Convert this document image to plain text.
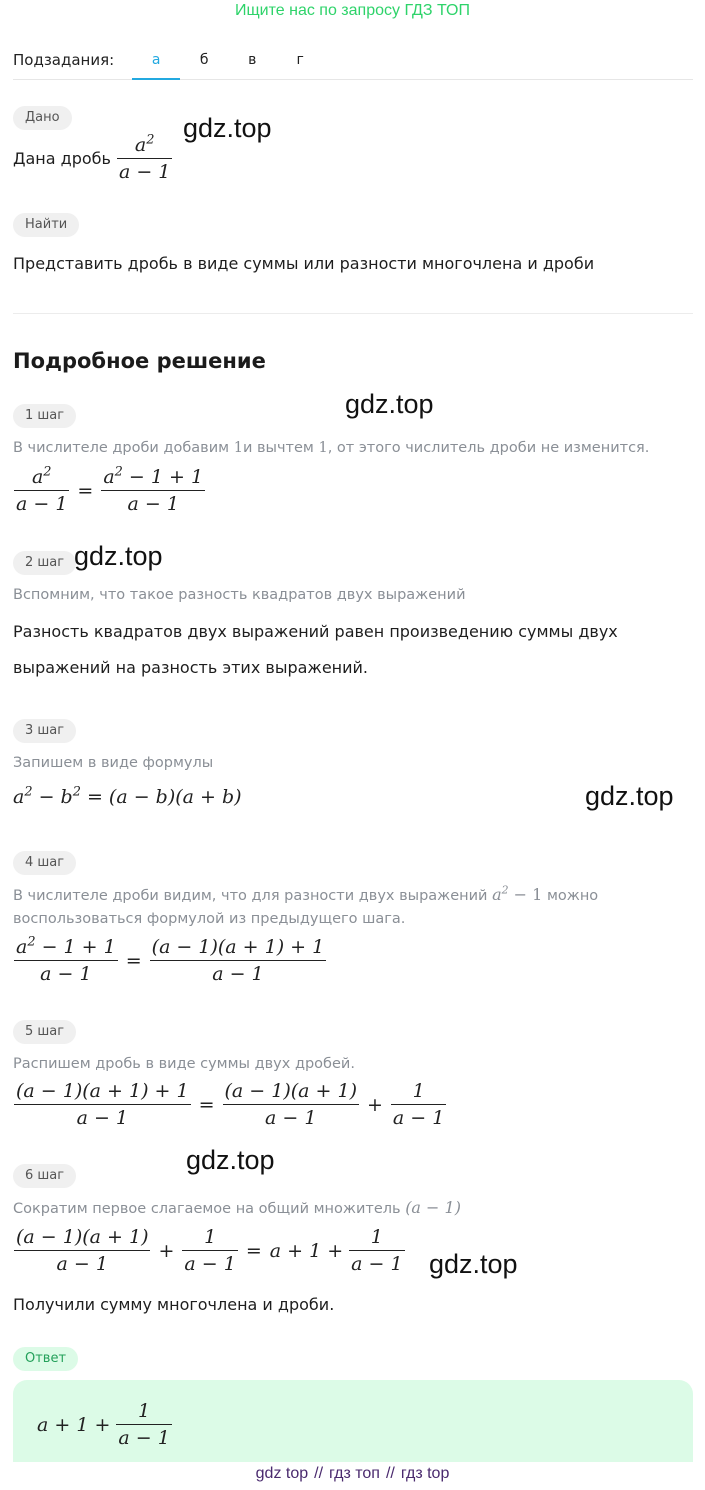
Ищите нас по запросу ГДЗ ТОП
Подзадания:	а	б	в	г
Дано
Дана дробь $\frac{a^2}{a - 1}$
Найти
Представить дробь в виде суммы или разности многочлена и дроби
Подробное решение
1 шаг
В числителе дроби добавим 1и вычтем 1, от этого числитель дроби не изменится.
$\frac{a^2}{a - 1} = \frac{a^2 - 1 + 1}{a - 1}$
2 шаг
Вспомним, что такое разность квадратов двух выражений
Разность квадратов двух выражений равен произведению суммы двух
выражений на разность этих выражений.
3 шаг
Запишем в виде формулы
$a^2 - b^2 = (a - b)(a + b)$
4 шаг
В числителе дроби видим, что для разности двух выражений $a^2 - 1$ можно
воспользоваться формулой из предыдущего шага.
$\frac{a^2 - 1 + 1}{a - 1} = \frac{(a - 1)(a + 1) + 1}{a - 1}$
5 шаг
Распишем дробь в виде суммы двух дробей.
$\frac{(a - 1)(a + 1) + 1}{a - 1} = \frac{(a - 1)(a + 1)}{a - 1} + \frac{1}{a - 1}$
6 шаг
Сократим первое слагаемое на общий множитель (a − 1)
$\frac{(a - 1)(a + 1)}{a - 1} + \frac{1}{a - 1} = a + 1 + \frac{1}{a - 1}$
Получили сумму многочлена и дроби.
Ответ
$a + 1 + \frac{1}{a - 1}$
gdz.top
gdz.top
gdz.top
gdz.top
gdz.top
gdz.top
gdz top // гдз топ // гдз top
